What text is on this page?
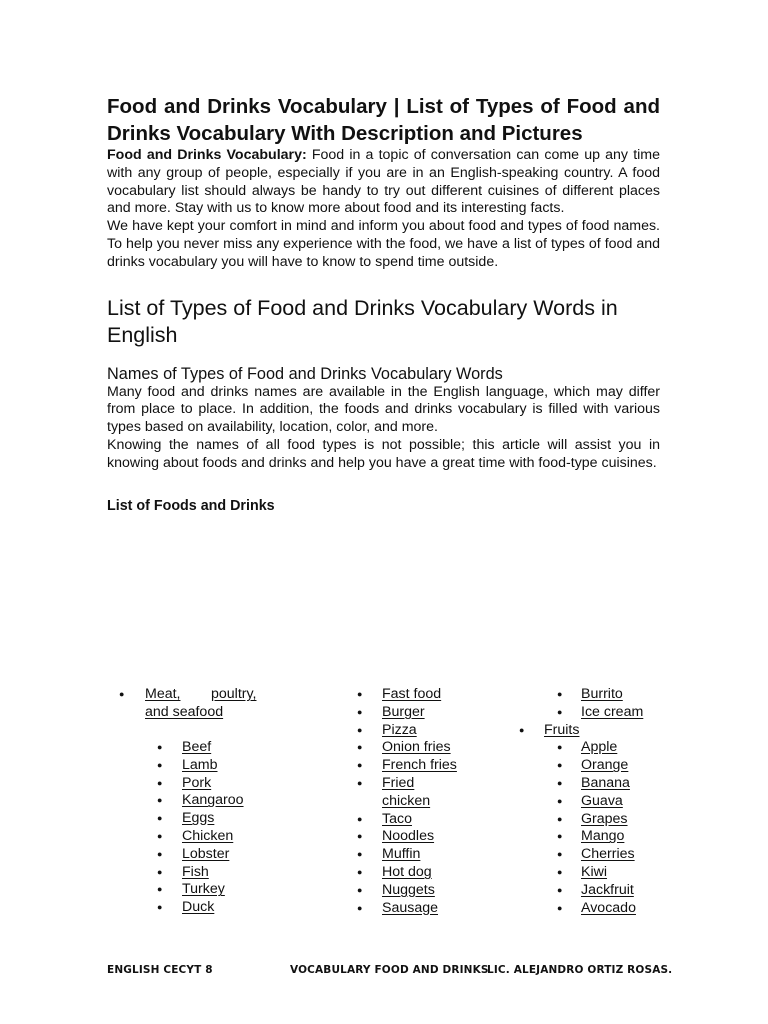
Food and Drinks Vocabulary | List of Types of Food and Drinks Vocabulary With Description and Pictures

Food and Drinks Vocabulary: Food in a topic of conversation can come up any time with any group of people, especially if you are in an English-speaking country. A food vocabulary list should always be handy to try out different cuisines of different places and more. Stay with us to know more about food and its interesting facts.

We have kept your comfort in mind and inform you about food and types of food names. To help you never miss any experience with the food, we have a list of types of food and drinks vocabulary you will have to know to spend time outside.

List of Types of Food and Drinks Vocabulary Words in English
Names of Types of Food and Drinks Vocabulary Words

Many food and drinks names are available in the English language, which may differ from place to place. In addition, the foods and drinks vocabulary is filled with various types based on availability, location, color, and more.

Knowing the names of all food types is not possible; this article will assist you in knowing about foods and drinks and help you have a great time with food-type cuisines.

List of Foods and Drinks
●	Meat, poultry,
and seafood
●	Beef
●	Lamb
●	Pork
●	Kangaroo
●	Eggs
●	Chicken
●	Lobster
●	Fish
●	Turkey
●	Duck
●	Fast food
●	Burger
●	Pizza
●	Onion fries
●	French fries
●	Fried
chicken
●	Taco
●	Noodles
●	Muffin
●	Hot dog
●	Nuggets
●	Sausage
●	Burrito
●	Ice cream
●	Fruits
●	Apple
●	Orange
●	Banana
●	Guava
●	Grapes
●	Mango
●	Cherries
●	Kiwi
●	Jackfruit
●	Avocado
ENGLISH CECYT 8	VOCABULARY FOOD AND DRINKS
LIC. ALEJANDRO ORTIZ ROSAS.
